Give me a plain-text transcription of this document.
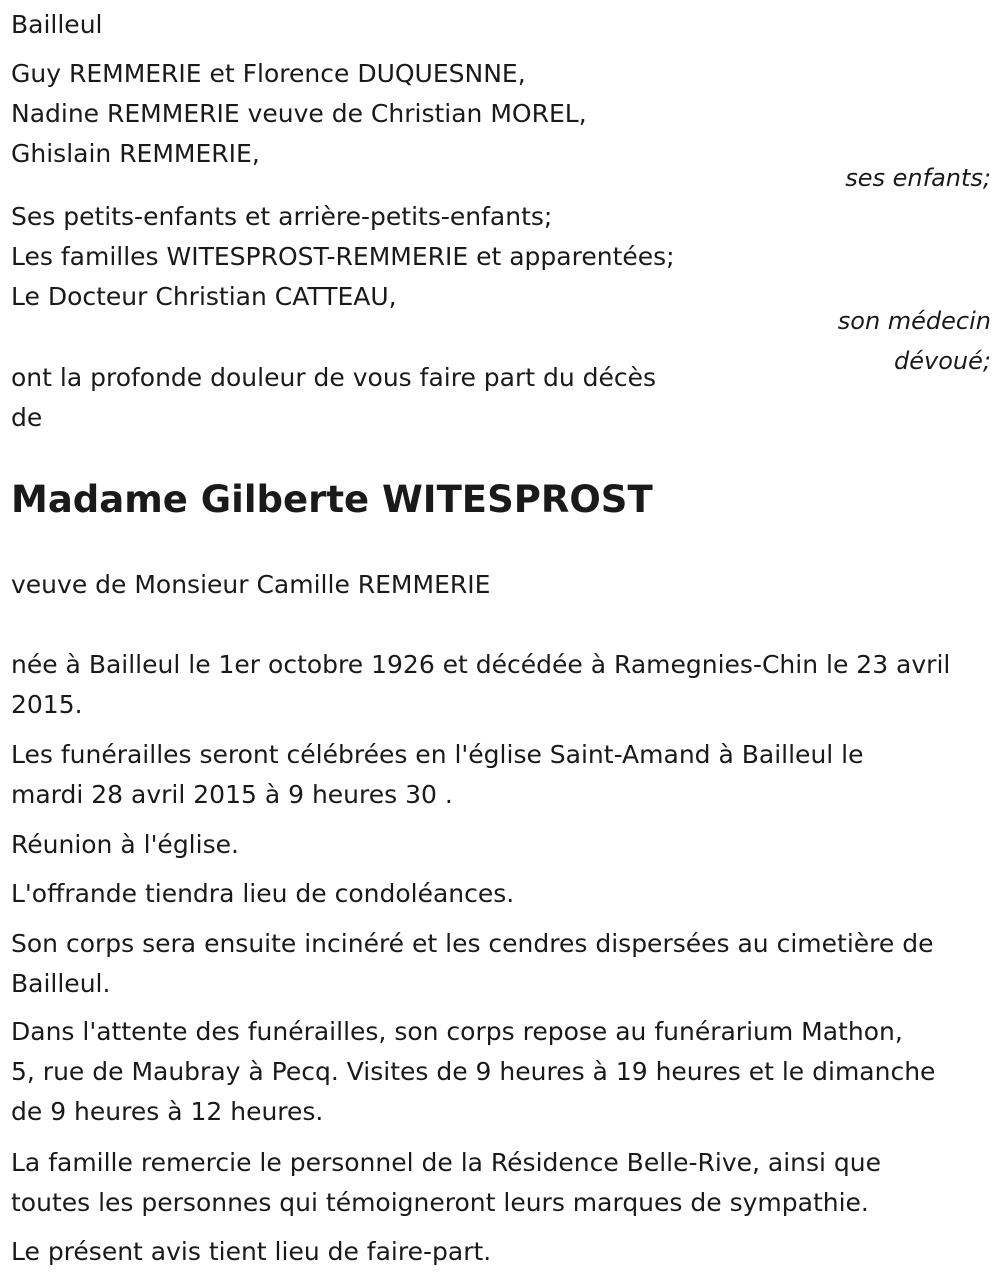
Bailleul

Guy REMMERIE et Florence DUQUESNNE,

Nadine REMMERIE veuve de Christian MOREL,

Ghislain REMMERIE,

ses enfants;

Ses petits-enfants et arrière-petits-enfants;

Les familles WITESPROST-REMMERIE et apparentées;

Le Docteur Christian CATTEAU,

son médecin

dévoué;

ont la profonde douleur de vous faire part du décès

de

Madame Gilberte WITESPROST

veuve de Monsieur Camille REMMERIE

née à Bailleul le 1er octobre 1926 et décédée à Ramegnies-Chin le 23 avril

2015.

Les funérailles seront célébrées en l'église Saint-Amand à Bailleul le

mardi 28 avril 2015 à 9 heures 30 .

Réunion à l'église.

L'offrande tiendra lieu de condoléances.

Son corps sera ensuite incinéré et les cendres dispersées au cimetière de

Bailleul.

Dans l'attente des funérailles, son corps repose au funérarium Mathon,

5, rue de Maubray à Pecq. Visites de 9 heures à 19 heures et le dimanche

de 9 heures à 12 heures.

La famille remercie le personnel de la Résidence Belle-Rive, ainsi que

toutes les personnes qui témoigneront leurs marques de sympathie.

Le présent avis tient lieu de faire-part.
